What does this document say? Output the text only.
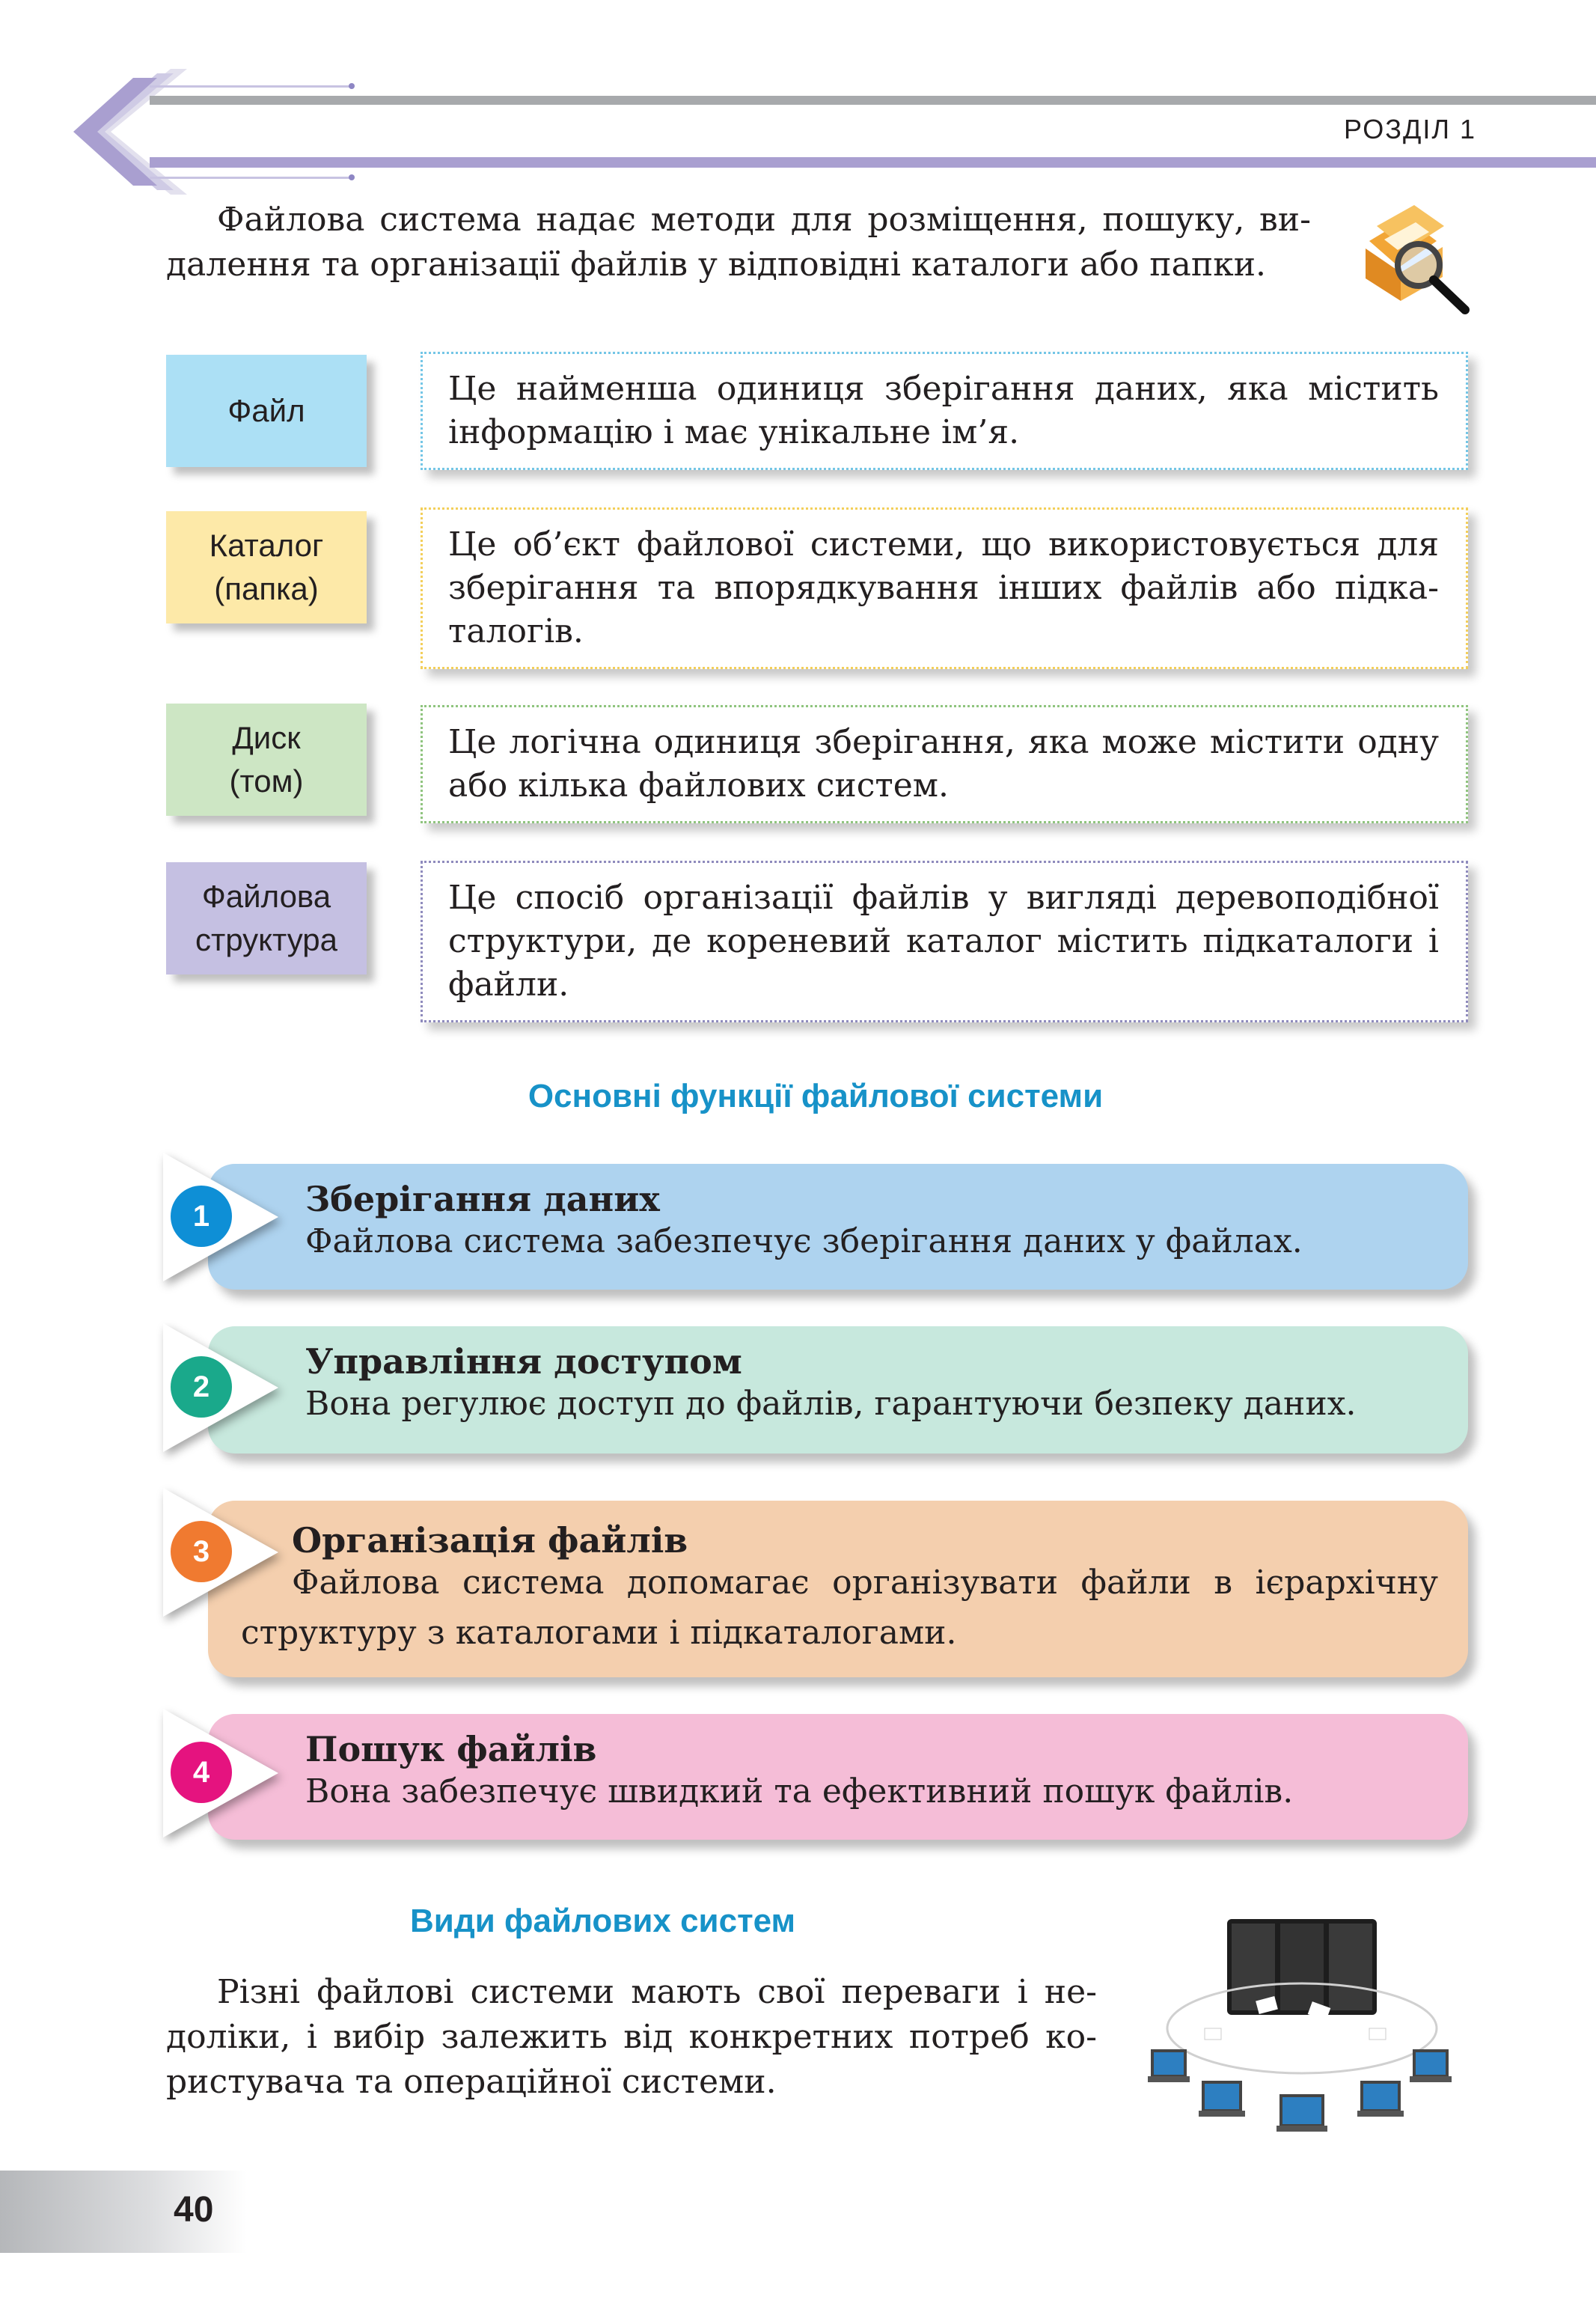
РОЗДІЛ 1
Файлова система надає методи для розміщення, пошуку, ви-
далення та організації файлів у відповідні каталоги або папки.
Файл
Це найменша одиниця зберігання даних, яка містить інформацію і має унікальне ім’я.
Каталог
(папка)
Це об’єкт файлової системи, що використовується для зберігання та впорядкування інших файлів або підка-талогів.
Диск
(том)
Це логічна одиниця зберігання, яка може містити одну або кілька файлових систем.
Файлова
структура
Це спосіб організації файлів у вигляді деревоподібної структури, де кореневий каталог містить підкаталоги і файли.
Основні функції файлової системи
Зберігання даних
Файлова система забезпечує зберігання даних у файлах.
1
Управління доступом
Вона регулює доступ до файлів, гарантуючи безпеку даних.
2
Організація файлів
Файлова система допомагає організувати файли в ієрархічну
структуру з каталогами і підкаталогами.
3
Пошук файлів
Вона забезпечує швидкий та ефективний пошук файлів.
4
Види файлових систем
Різні файлові системи мають свої переваги і не-
доліки, і вибір залежить від конкретних потреб ко-
ристувача та операційної системи.
40
